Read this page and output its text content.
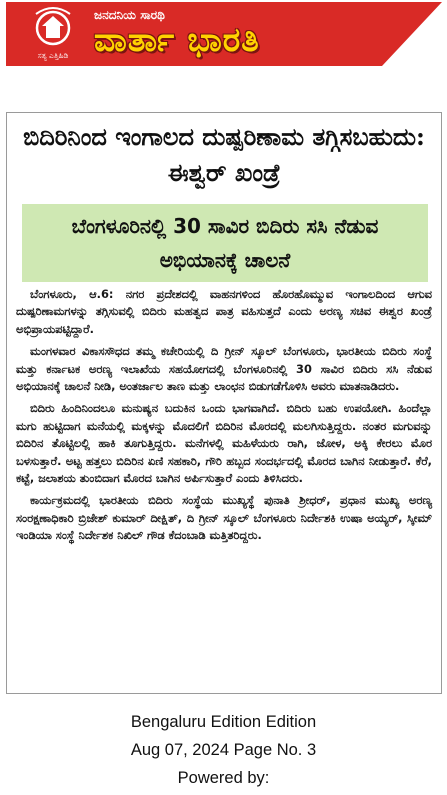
ಸತ್ಯ ಎತ್ತಿಹಿಡಿ
ಜನದನಿಯ ಸಾರಥಿ
ವಾರ್ತಾ ಭಾರತಿ
ಬಿದಿರಿನಿಂದ ಇಂಗಾಲದ ದುಷ್ಪರಿಣಾಮ ತಗ್ಗಿಸಬಹುದು: ಈಶ್ವರ್ ಖಂಡ್ರೆ
ಬೆಂಗಳೂರಿನಲ್ಲಿ 30 ಸಾವಿರ ಬಿದಿರು ಸಸಿ ನೆಡುವ ಅಭಿಯಾನಕ್ಕೆ ಚಾಲನೆ

ಬೆಂಗಳೂರು, ಆ.6: ನಗರ ಪ್ರದೇಶದಲ್ಲಿ ವಾಹನಗಳಿಂದ ಹೊರಹೊಮ್ಮುವ ಇಂಗಾಲದಿಂದ ಆಗುವ ದುಷ್ಪರಿಣಾಮಗಳನ್ನು ತಗ್ಗಿಸುವಲ್ಲಿ ಬಿದಿರು ಮಹತ್ವದ ಪಾತ್ರ ವಹಿಸುತ್ತದೆ ಎಂದು ಅರಣ್ಯ ಸಚಿವ ಈಶ್ವರ ಖಂಡ್ರೆ ಅಭಿಪ್ರಾಯಪಟ್ಟಿದ್ದಾರೆ.

ಮಂಗಳವಾರ ವಿಕಾಸಸೌಧದ ತಮ್ಮ ಕಚೇರಿಯಲ್ಲಿ ದಿ ಗ್ರೀನ್ ಸ್ಕೂಲ್ ಬೆಂಗಳೂರು, ಭಾರತೀಯ ಬಿದಿರು ಸಂಸ್ಥೆ ಮತ್ತು ಕರ್ನಾಟಕ ಅರಣ್ಯ ಇಲಾಖೆಯ ಸಹಯೋಗದಲ್ಲಿ ಬೆಂಗಳೂರಿನಲ್ಲಿ 30 ಸಾವಿರ ಬಿದಿರು ಸಸಿ ನೆಡುವ ಅಭಿಯಾನಕ್ಕೆ ಚಾಲನೆ ನೀಡಿ, ಅಂತರ್ಜಾಲ ತಾಣ ಮತ್ತು ಲಾಂಛನ ಬಿಡುಗಡೆಗೊಳಿಸಿ ಅವರು ಮಾತನಾಡಿದರು.

ಬಿದಿರು ಹಿಂದಿನಿಂದಲೂ ಮನುಷ್ಯನ ಬದುಕಿನ ಒಂದು ಭಾಗವಾಗಿದೆ. ಬಿದಿರು ಬಹು ಉಪಯೋಗಿ. ಹಿಂದೆಲ್ಲಾ ಮಗು ಹುಟ್ಟಿದಾಗ ಮನೆಯಲ್ಲಿ ಮಕ್ಕಳನ್ನು ಮೊದಲಿಗೆ ಬಿದಿರಿನ ಮೊರದಲ್ಲಿ ಮಲಗಿಸುತ್ತಿದ್ದರು. ನಂತರ ಮಗುವನ್ನು ಬಿದಿರಿನ ತೊಟ್ಟಿಲಲ್ಲಿ ಹಾಕಿ ತೂಗುತ್ತಿದ್ದರು. ಮನೆಗಳಲ್ಲಿ ಮಹಿಳೆಯರು ರಾಗಿ, ಜೋಳ, ಅಕ್ಕಿ ಕೇರಲು ಮೊರ ಬಳಸುತ್ತಾರೆ. ಅಟ್ಟ ಹತ್ತಲು ಬಿದಿರಿನ ಏಣಿ ಸಹಕಾರಿ, ಗೌರಿ ಹಬ್ಬದ ಸಂದರ್ಭದಲ್ಲಿ ಮೊರದ ಬಾಗಿನ ನೀಡುತ್ತಾರೆ. ಕೆರೆ, ಕಟ್ಟೆ, ಜಲಾಶಯ ತುಂಬಿದಾಗ ಮೊರದ ಬಾಗಿನ ಅರ್ಪಿಸುತ್ತಾರೆ ಎಂದು ತಿಳಿಸಿದರು.

ಕಾರ್ಯಕ್ರಮದಲ್ಲಿ ಭಾರತೀಯ ಬಿದಿರು ಸಂಸ್ಥೆಯ ಮುಖ್ಯಸ್ಥೆ ಪುನಾತಿ ಶ್ರೀಧರ್, ಪ್ರಧಾನ ಮುಖ್ಯ ಅರಣ್ಯ ಸಂರಕ್ಷಣಾಧಿಕಾರಿ ಬ್ರಿಜೇಶ್ ಕುಮಾರ್ ದೀಕ್ಷಿತ್, ದಿ ಗ್ರೀನ್ ಸ್ಕೂಲ್ ಬೆಂಗಳೂರು ನಿರ್ದೇಶಕಿ ಉಷಾ ಅಯ್ಯರ್, ಸ್ಕೀಮ್ ಇಂಡಿಯಾ ಸಂಸ್ಥೆ ನಿರ್ದೇಶಕ ನಿಖಿಲ್ ಗೌಡ ಕೆದಂಬಾಡಿ ಮತ್ತಿತರಿದ್ದರು.

Bengaluru Edition Edition
Aug 07, 2024 Page No. 3
Powered by:
